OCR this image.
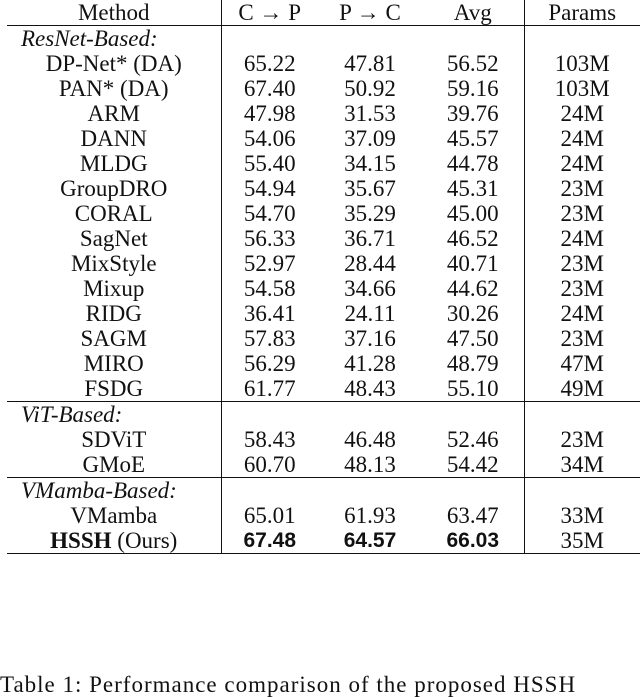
Method	C → P	P → C	Avg	Params
ResNet-Based:				
DP-Net* (DA)	65.22	47.81	56.52	103M
PAN* (DA)	67.40	50.92	59.16	103M
ARM	47.98	31.53	39.76	24M
DANN	54.06	37.09	45.57	24M
MLDG	55.40	34.15	44.78	24M
GroupDRO	54.94	35.67	45.31	23M
CORAL	54.70	35.29	45.00	23M
SagNet	56.33	36.71	46.52	24M
MixStyle	52.97	28.44	40.71	23M
Mixup	54.58	34.66	44.62	23M
RIDG	36.41	24.11	30.26	24M
SAGM	57.83	37.16	47.50	23M
MIRO	56.29	41.28	48.79	47M
FSDG	61.77	48.43	55.10	49M
ViT-Based:				
SDViT	58.43	46.48	52.46	23M
GMoE	60.70	48.13	54.42	34M
VMamba-Based:				
VMamba	65.01	61.93	63.47	33M
HSSH (Ours)	67.48	64.57	66.03	35M
Table 1: Performance comparison of the proposed HSSH
